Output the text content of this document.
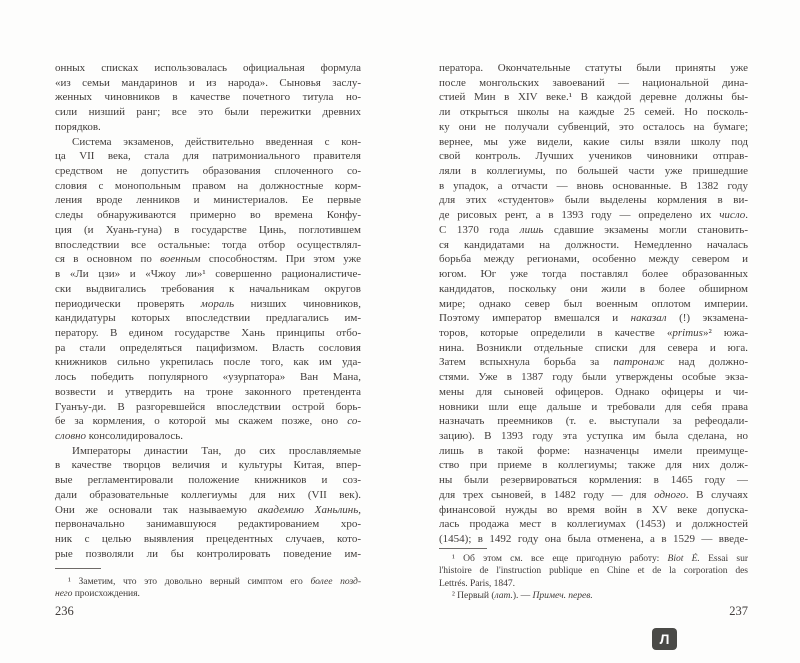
онных списках использовалась официальная формула
«из семьи мандаринов и из народа». Сыновья заслу-
женных чиновников в качестве почетного титула но-
сили низший ранг; все это были пережитки древних
порядков.
Система экзаменов, действительно введенная с кон-
ца VII века, стала для патримониального правителя
средством не допустить образования сплоченного со-
словия с монопольным правом на должностные корм-
ления вроде ленников и министериалов. Ее первые
следы обнаруживаются примерно во времена Конфу-
ция (и Хуань-гуна) в государстве Цинь, поглотившем
впоследствии все остальные: тогда отбор осуществлял-
ся в основном по военным способностям. При этом уже
в «Ли цзи» и «Чжоу ли»¹ совершенно рационалистиче-
ски выдвигались требования к начальникам округов
периодически проверять мораль низших чиновников,
кандидатуры которых впоследствии предлагались им-
ператору. В едином государстве Хань принципы отбо-
ра стали определяться пацифизмом. Власть сословия
книжников сильно укрепилась после того, как им уда-
лось победить популярного «узурпатора» Ван Мана,
возвести и утвердить на троне законного претендента
Гуанъу-ди. В разгоревшейся впоследствии острой борь-
бе за кормления, о которой мы скажем позже, оно со-
словно консолидировалось.
Императоры династии Тан, до сих прославляемые
в качестве творцов величия и культуры Китая, впер-
вые регламентировали положение книжников и соз-
дали образовательные коллегиумы для них (VII век).
Они же основали так называемую академию Ханьлинь,
первоначально занимавшуюся редактированием хро-
ник с целью выявления прецедентных случаев, кото-
рые позволяли ли бы контролировать поведение им-
¹ Заметим, что это довольно верный симптом его более позд-
него происхождения.
236
ператора. Окончательные статуты были приняты уже
после монгольских завоеваний — национальной дина-
стией Мин в XIV веке.¹ В каждой деревне должны бы-
ли открыться школы на каждые 25 семей. Но посколь-
ку они не получали субвенций, это осталось на бумаге;
вернее, мы уже видели, какие силы взяли школу под
свой контроль. Лучших учеников чиновники отправ-
ляли в коллегиумы, по большей части уже пришедшие
в упадок, а отчасти — вновь основанные. В 1382 году
для этих «студентов» были выделены кормления в ви-
де рисовых рент, а в 1393 году — определено их число.
С 1370 года лишь сдавшие экзамены могли становить-
ся кандидатами на должности. Немедленно началась
борьба между регионами, особенно между севером и
югом. Юг уже тогда поставлял более образованных
кандидатов, поскольку они жили в более обширном
мире; однако север был военным оплотом империи.
Поэтому император вмешался и наказал (!) экзамена-
торов, которые определили в качестве «primus»² южа-
нина. Возникли отдельные списки для севера и юга.
Затем вспыхнула борьба за патронаж над должно-
стями. Уже в 1387 году были утверждены особые экза-
мены для сыновей офицеров. Однако офицеры и чи-
новники шли еще дальше и требовали для себя права
назначать преемников (т. е. выступали за рефеодали-
зацию). В 1393 году эта уступка им была сделана, но
лишь в такой форме: назначенцы имели преимуще-
ство при приеме в коллегиумы; также для них долж-
ны были резервироваться кормления: в 1465 году —
для трех сыновей, в 1482 году — для одного. В случаях
финансовой нужды во время войн в XV веке допуска-
лась продажа мест в коллегиумах (1453) и должностей
(1454); в 1492 году она была отменена, а в 1529 — введе-
¹ Об этом см. все еще пригодную работу: Biot É. Essai sur
l'histoire de l'instruction publique en Chine et de la corporation des
Lettrés. Paris, 1847.
² Первый (лат.). — Примеч. перев.
237
Л
